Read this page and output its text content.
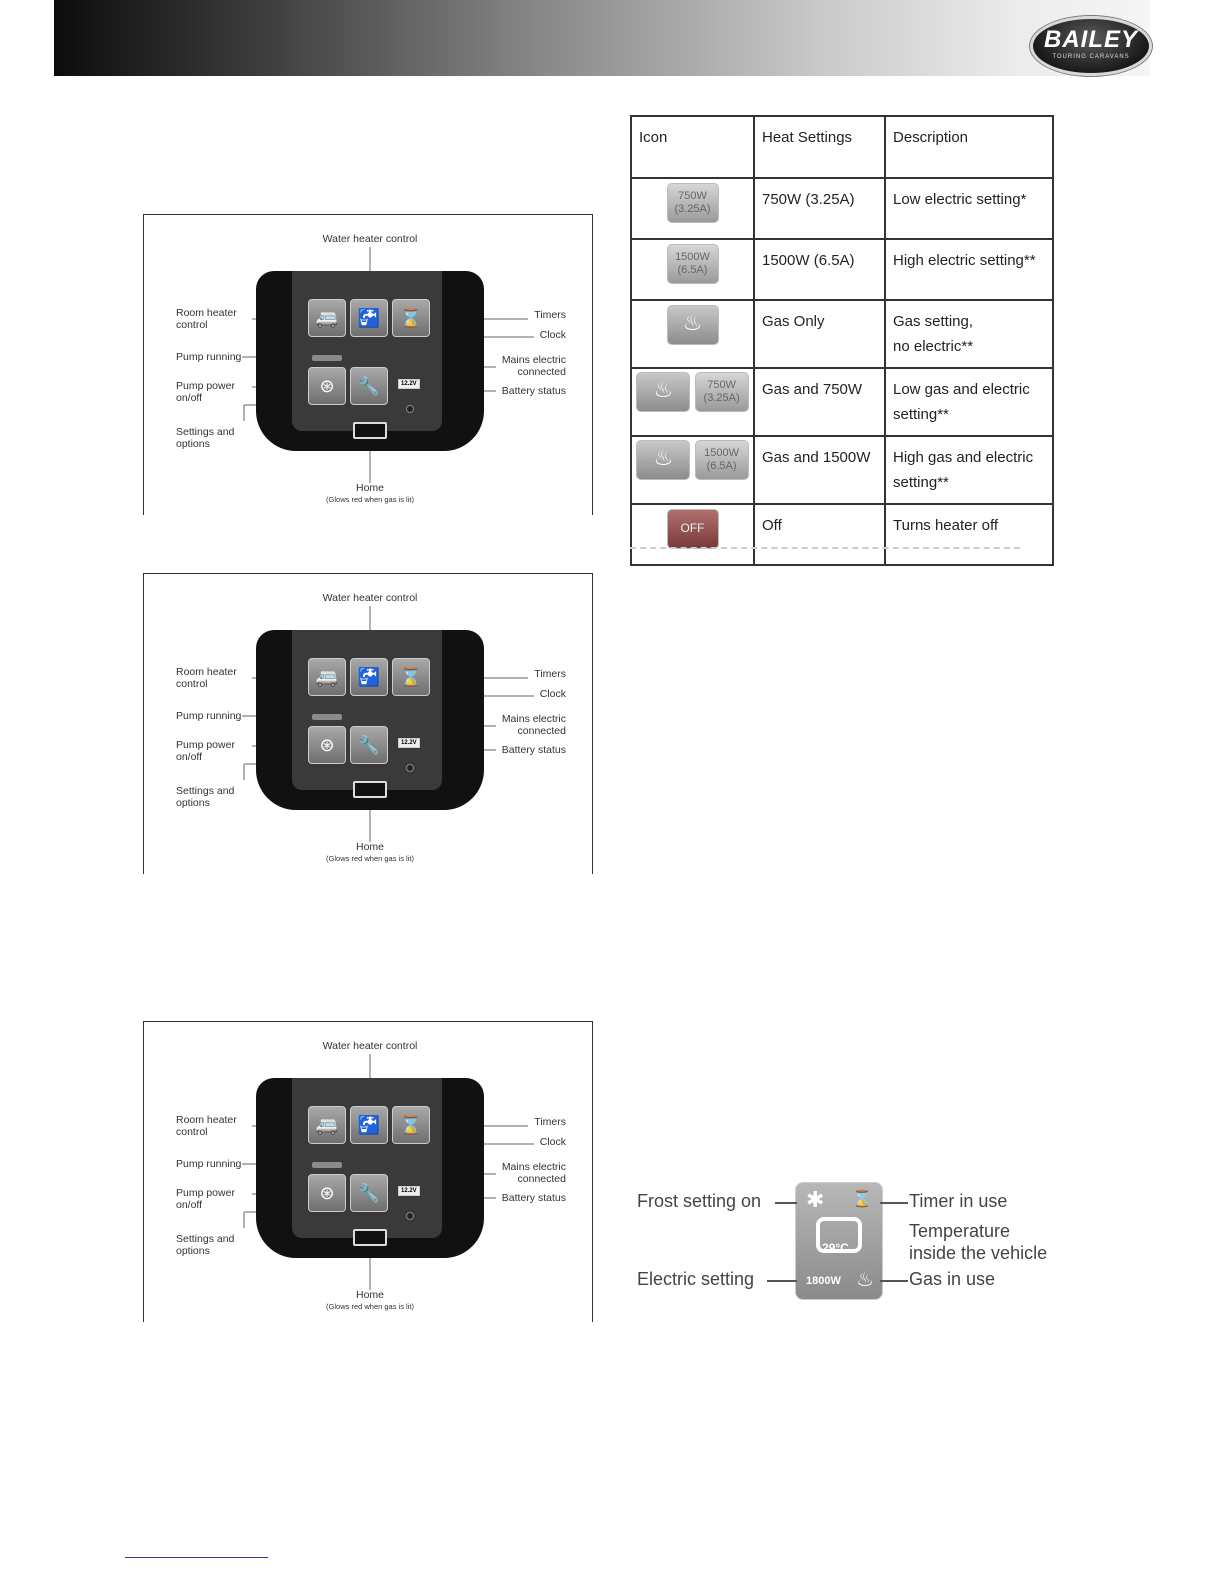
BAILEY
TOURING CARAVANS
🚐	🚰	⌛
⊛	🔧	12.2V
Water heater control
Room heater
control
Pump running
Pump power
on/off
Settings and
options
Timers
Clock
Mains electric
connected
Battery status
Home
(Glows red when gas is lit)
🚐	🚰	⌛
⊛	🔧	12.2V
Water heater control
Room heater
control
Pump running
Pump power
on/off
Settings and
options
Timers
Clock
Mains electric
connected
Battery status
Home
(Glows red when gas is lit)
🚐	🚰	⌛
⊛	🔧	12.2V
Water heater control
Room heater
control
Pump running
Pump power
on/off
Settings and
options
Timers
Clock
Mains electric
connected
Battery status
Home
(Glows red when gas is lit)
Icon	Heat Settings	Description
750W
(3.25A)	750W (3.25A)	Low electric setting*
1500W
(6.5A)	1500W (6.5A)	High electric setting**
♨	Gas Only	Gas setting,
no electric**
♨ 750W
(3.25A)	Gas and 750W	Low gas and electric
setting**
♨ 1500W
(6.5A)	Gas and 1500W	High gas and electric
setting**
OFF	Off	Turns heater off
✱ ⌛
29°C
1800W ♨
Frost setting on	Timer in use
Temperature
inside the vehicle
Electric setting	Gas in use
